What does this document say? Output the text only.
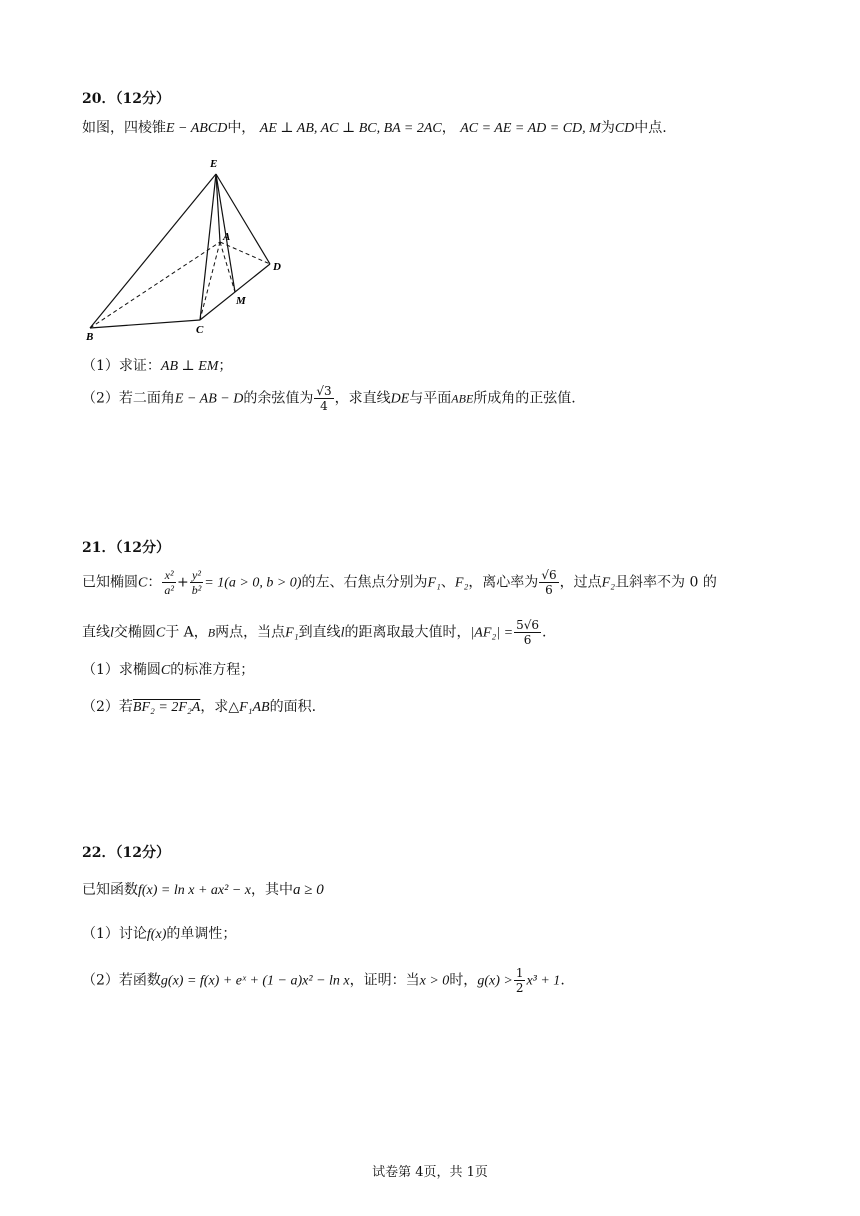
20．（12分）
如图，四棱锥E − ABCD中， AE ⊥ AB, AC ⊥ BC, BA = 2AC， AC = AE = AD = CD, M为CD中点.
E
A
D
M
B
C
（1）求证：AB ⊥ EM；
（2）若二面角E − AB − D的余弦值为 $\frac{√3}{4}$ ，求直线DE与平面ABE所成角的正弦值.
21．（12分）
已知椭圆C： $\frac{\text{x²}}{\text{a²}} + \frac{\text{y²}}{\text{b²}} = 1(a > 0$, b > 0)的左、右焦点分别为F₁、F₂，离心率为 $\frac{√6}{6}$ ，过点F₂且斜率不为 0 的
直线l交椭圆C于 A，B两点，当点F₁到直线l的距离取最大值时，$|AF_2| = \frac{5√6}{6}$ .
（1）求椭圆C的标准方程；
（2）若BF₂ = 2F₂A，求△F₁AB的面积.
22．（12分）
已知函数f(x) = ln x + ax² − x，其中a ≥ 0
（1）讨论f(x)的单调性；
（2）若函数g(x) = f(x) + eˣ + (1 − a)x² − ln x，证明：当x > 0时，$g(x) > \frac{1}{2} x^3 + 1$.
试卷第 4页，共 1页
